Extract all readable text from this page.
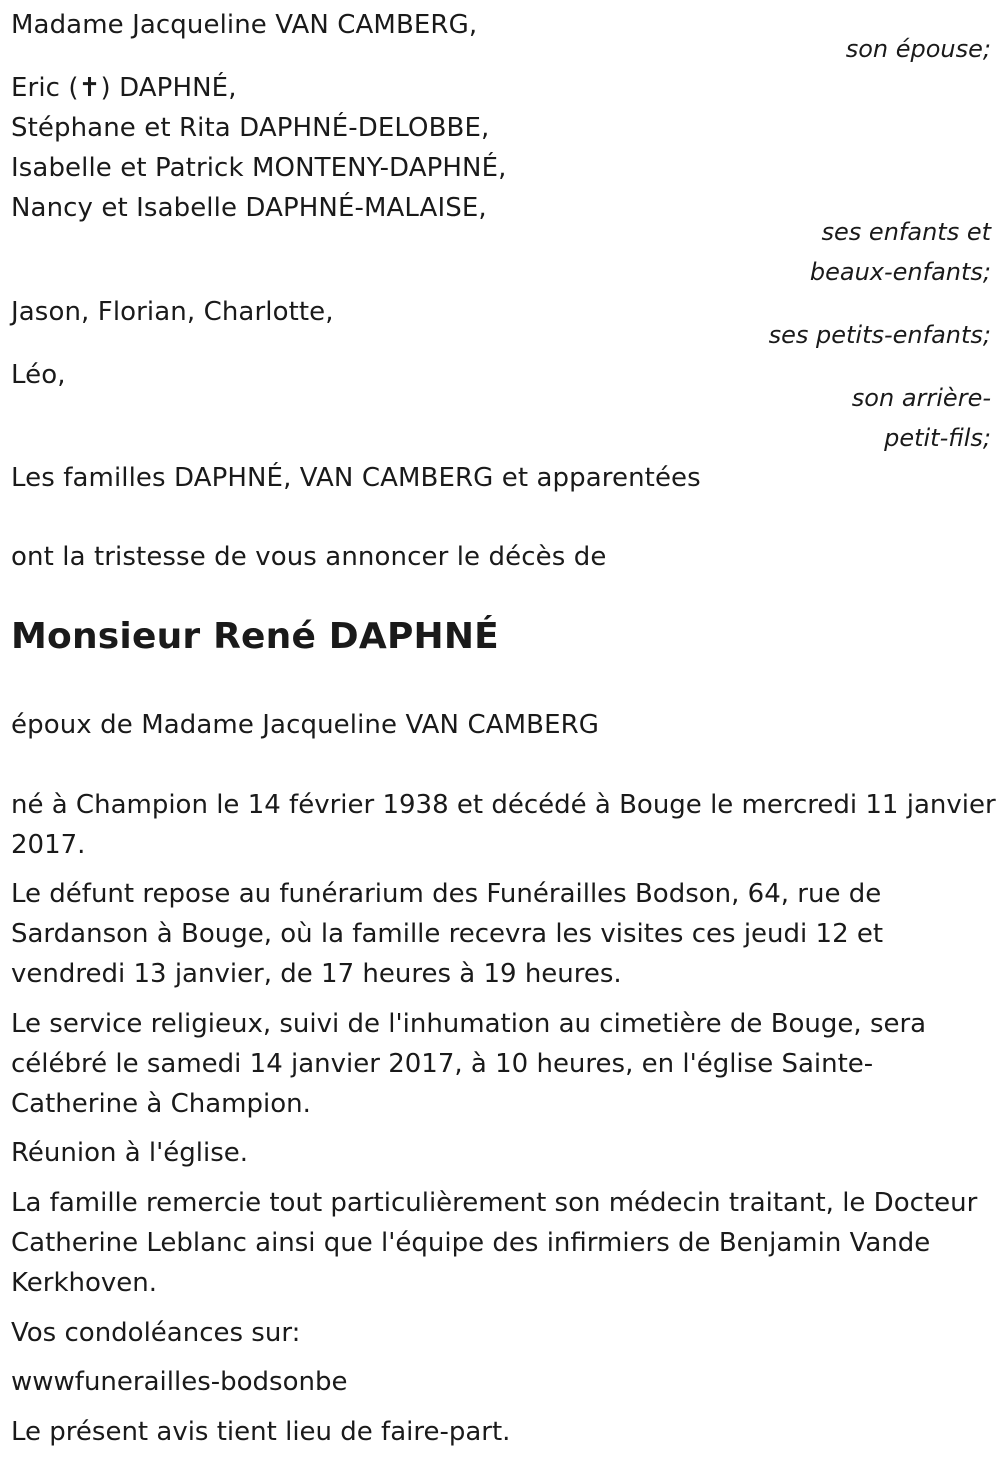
Madame Jacqueline VAN CAMBERG,
son épouse;
Eric (✝) DAPHNÉ,
Stéphane et Rita DAPHNÉ-DELOBBE,
Isabelle et Patrick MONTENY-DAPHNÉ,
Nancy et Isabelle DAPHNÉ-MALAISE,
ses enfants et
beaux-enfants;
Jason, Florian, Charlotte,
ses petits-enfants;
Léo,
son arrière-
petit-fils;
Les familles DAPHNÉ, VAN CAMBERG et apparentées
ont la tristesse de vous annoncer le décès de
Monsieur René DAPHNÉ
époux de Madame Jacqueline VAN CAMBERG

né à Champion le 14 février 1938 et décédé à Bouge le mercredi 11 janvier 2017.

Le défunt repose au funérarium des Funérailles Bodson, 64, rue de Sardanson à Bouge, où la famille recevra les visites ces jeudi 12 et vendredi 13 janvier, de 17 heures à 19 heures.

Le service religieux, suivi de l'inhumation au cimetière de Bouge, sera célébré le samedi 14 janvier 2017, à 10 heures, en l'église Sainte-Catherine à Champion.

Réunion à l'église.

La famille remercie tout particulièrement son médecin traitant, le Docteur Catherine Leblanc ainsi que l'équipe des infirmiers de Benjamin Vande Kerkhoven.

Vos condoléances sur:

wwwfunerailles-bodsonbe

Le présent avis tient lieu de faire-part.
